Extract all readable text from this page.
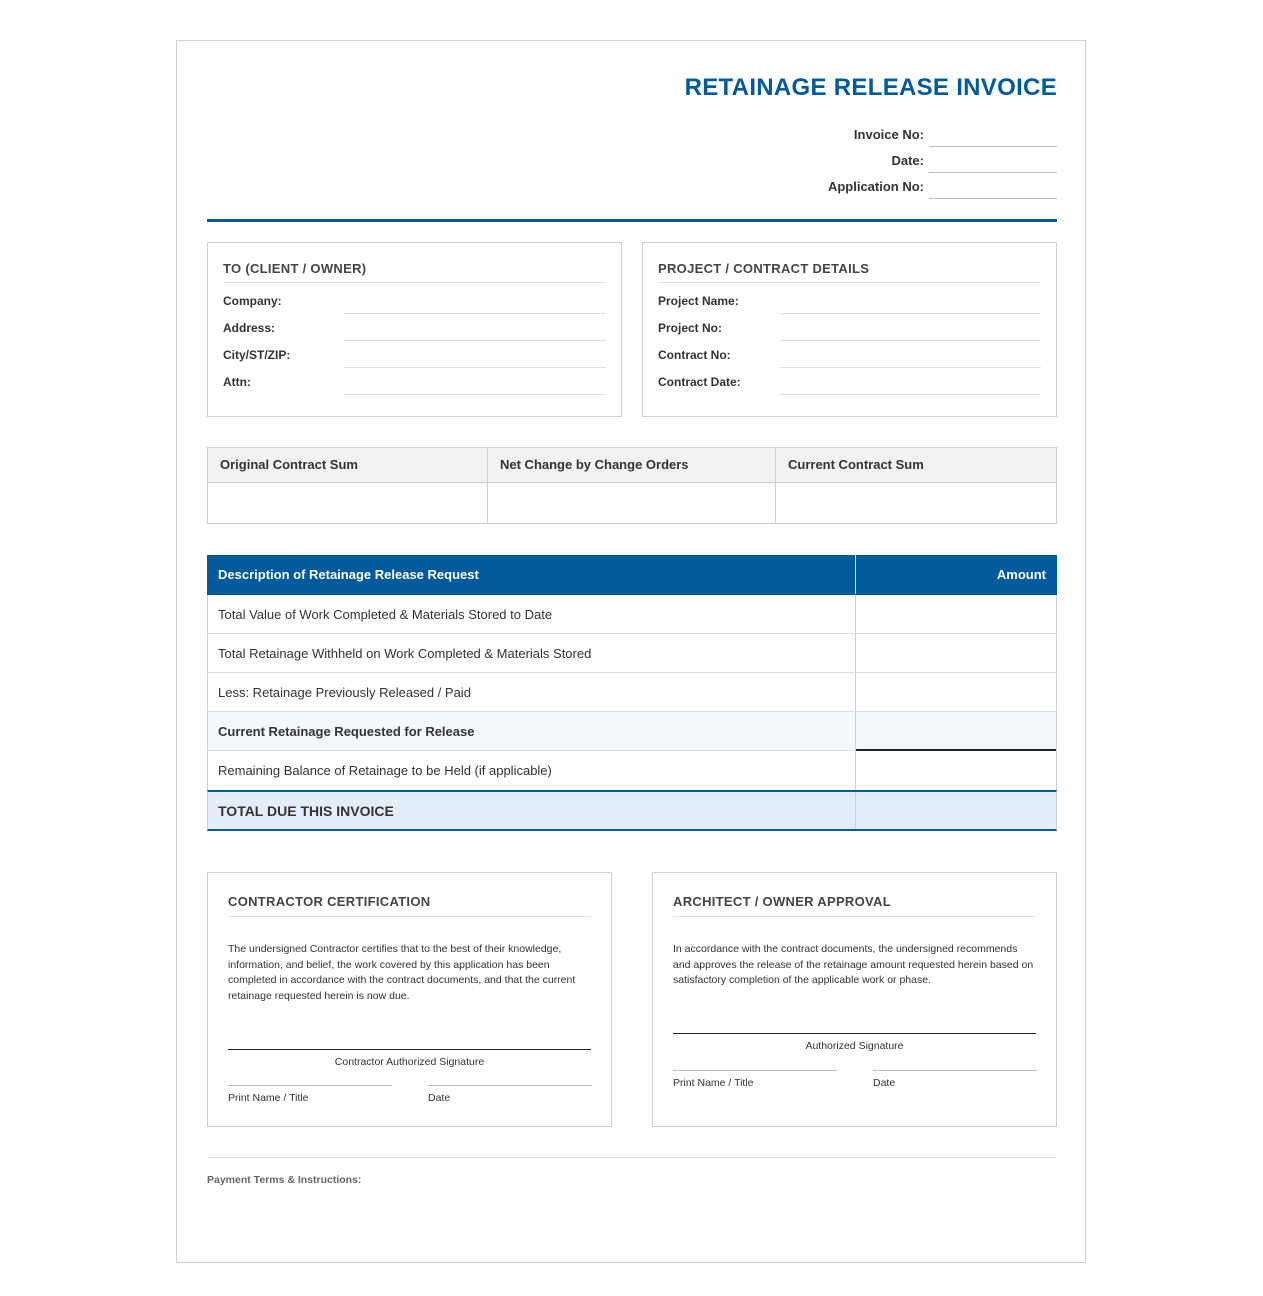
RETAINAGE RELEASE INVOICE
Invoice No:
Date:
Application No:
TO (CLIENT / OWNER)
Company:
Address:
City/ST/ZIP:
Attn:
PROJECT / CONTRACT DETAILS
Project Name:
Project No:
Contract No:
Contract Date:
Original Contract Sum	Net Change by Change Orders	Current Contract Sum
Description of Retainage Release Request	Amount
Total Value of Work Completed & Materials Stored to Date
Total Retainage Withheld on Work Completed & Materials Stored
Less: Retainage Previously Released / Paid
Current Retainage Requested for Release
Remaining Balance of Retainage to be Held (if applicable)
TOTAL DUE THIS INVOICE
CONTRACTOR CERTIFICATION
The undersigned Contractor certifies that to the best of their knowledge, information, and belief, the work covered by this application has been completed in accordance with the contract documents, and that the current retainage requested herein is now due.
Contractor Authorized Signature
Print Name / Title	Date
ARCHITECT / OWNER APPROVAL
In accordance with the contract documents, the undersigned recommends and approves the release of the retainage amount requested herein based on satisfactory completion of the applicable work or phase.
Authorized Signature
Print Name / Title	Date
Payment Terms & Instructions:
